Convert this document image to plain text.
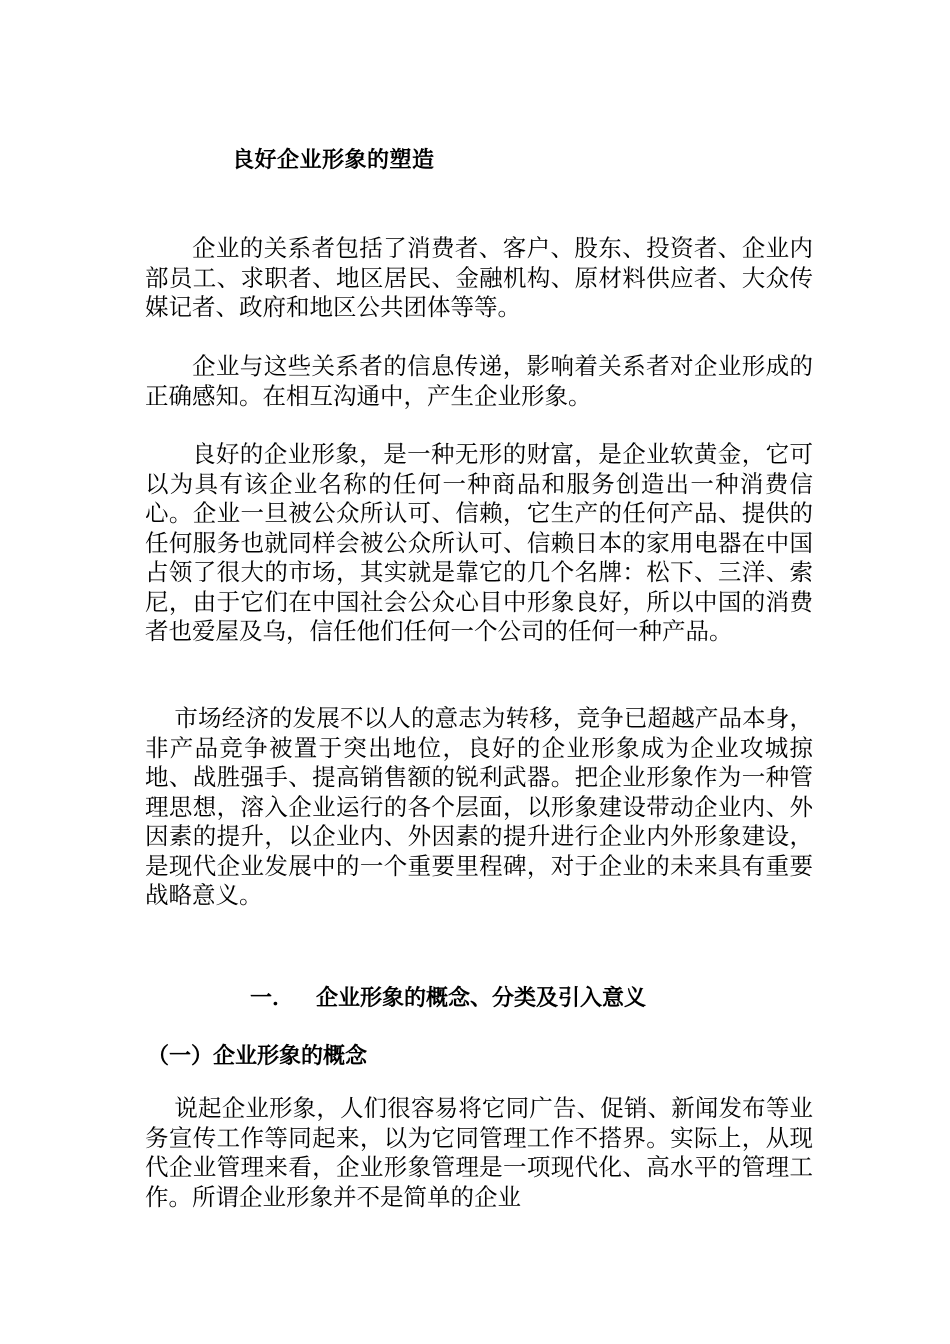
良好企业形象的塑造

企业的关系者包括了消费者、客户、股东、投资者、企业内部员工、求职者、地区居民、金融机构、原材料供应者、大众传媒记者、政府和地区公共团体等等。

企业与这些关系者的信息传递，影响着关系者对企业形成的正确感知。在相互沟通中，产生企业形象。

良好的企业形象，是一种无形的财富，是企业软黄金，它可以为具有该企业名称的任何一种商品和服务创造出一种消费信心。企业一旦被公众所认可、信赖，它生产的任何产品、提供的任何服务也就同样会被公众所认可、信赖日本的家用电器在中国占领了很大的市场，其实就是靠它的几个名牌：松下、三洋、索尼，由于它们在中国社会公众心目中形象良好，所以中国的消费者也爱屋及乌，信任他们任何一个公司的任何一种产品。

市场经济的发展不以人的意志为转移，竞争已超越产品本身，非产品竞争被置于突出地位，良好的企业形象成为企业攻城掠地、战胜强手、提高销售额的锐利武器。把企业形象作为一种管理思想，溶入企业运行的各个层面，以形象建设带动企业内、外因素的提升，以企业内、外因素的提升进行企业内外形象建设，是现代企业发展中的一个重要里程碑，对于企业的未来具有重要战略意义。

一． 企业形象的概念、分类及引入意义
（一）企业形象的概念

说起企业形象，人们很容易将它同广告、促销、新闻发布等业务宣传工作等同起来，以为它同管理工作不搭界。实际上，从现代企业管理来看，企业形象管理是一项现代化、高水平的管理工作。所谓企业形象并不是简单的企业
